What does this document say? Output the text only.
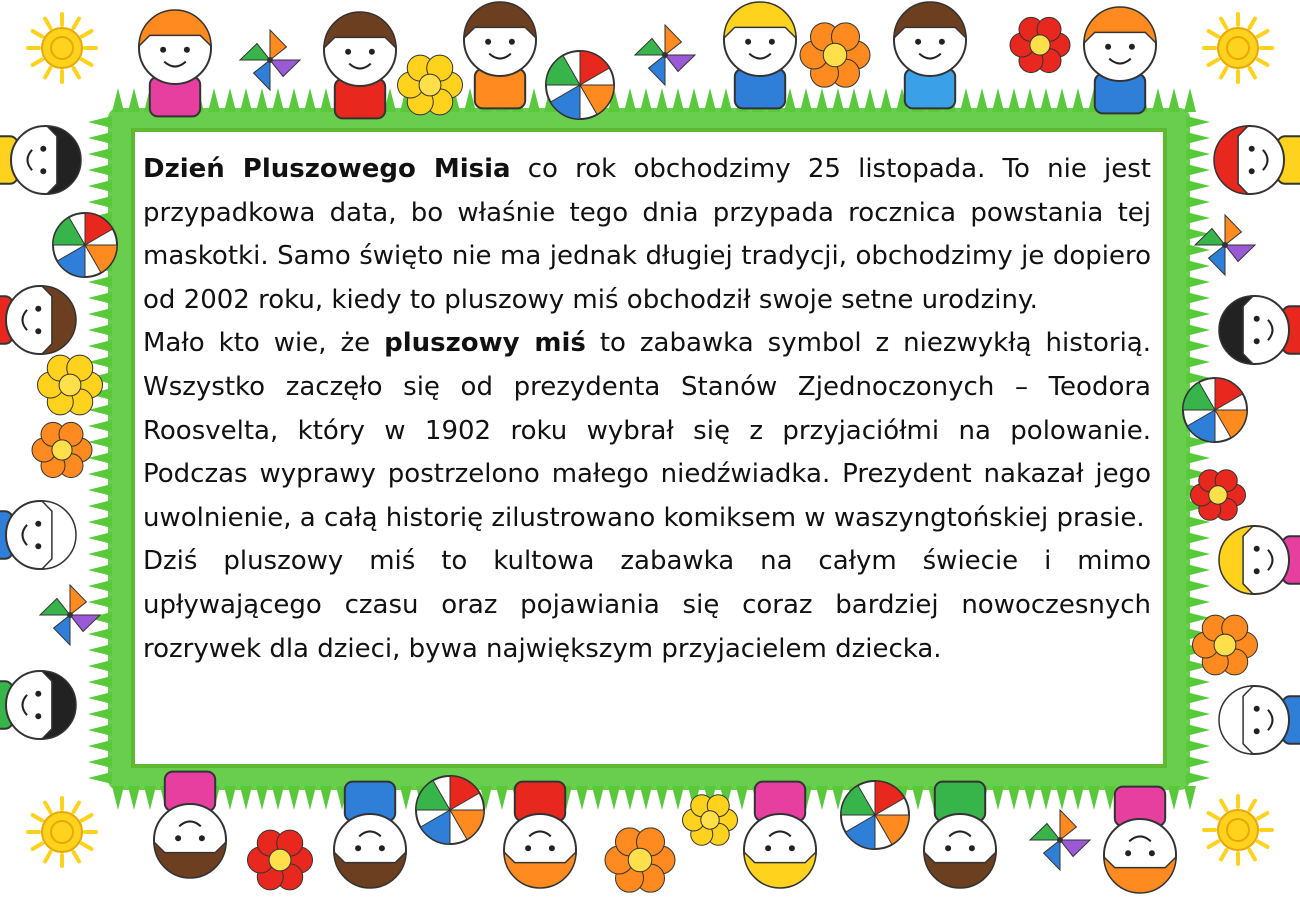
Dzień Pluszowego Misia co rok obchodzimy 25 listopada. To nie jest przypadkowa data, bo właśnie tego dnia przypada rocznica powstania tej maskotki. Samo święto nie ma jednak długiej tradycji, obchodzimy je dopiero od 2002 roku, kiedy to pluszowy miś obchodził swoje setne urodziny.

Mało kto wie, że pluszowy miś to zabawka symbol z niezwykłą historią. Wszystko zaczęło się od prezydenta Stanów Zjednoczonych – Teodora Roosvelta, który w 1902 roku wybrał się z przyjaciółmi na polowanie. Podczas wyprawy postrzelono małego niedźwiadka. Prezydent nakazał jego uwolnienie, a całą historię zilustrowano komiksem w waszyngtońskiej prasie.

Dziś pluszowy miś to kultowa zabawka na całym świecie i mimo upływającego czasu oraz pojawiania się coraz bardziej nowoczesnych rozrywek dla dzieci, bywa największym przyjacielem dziecka.
